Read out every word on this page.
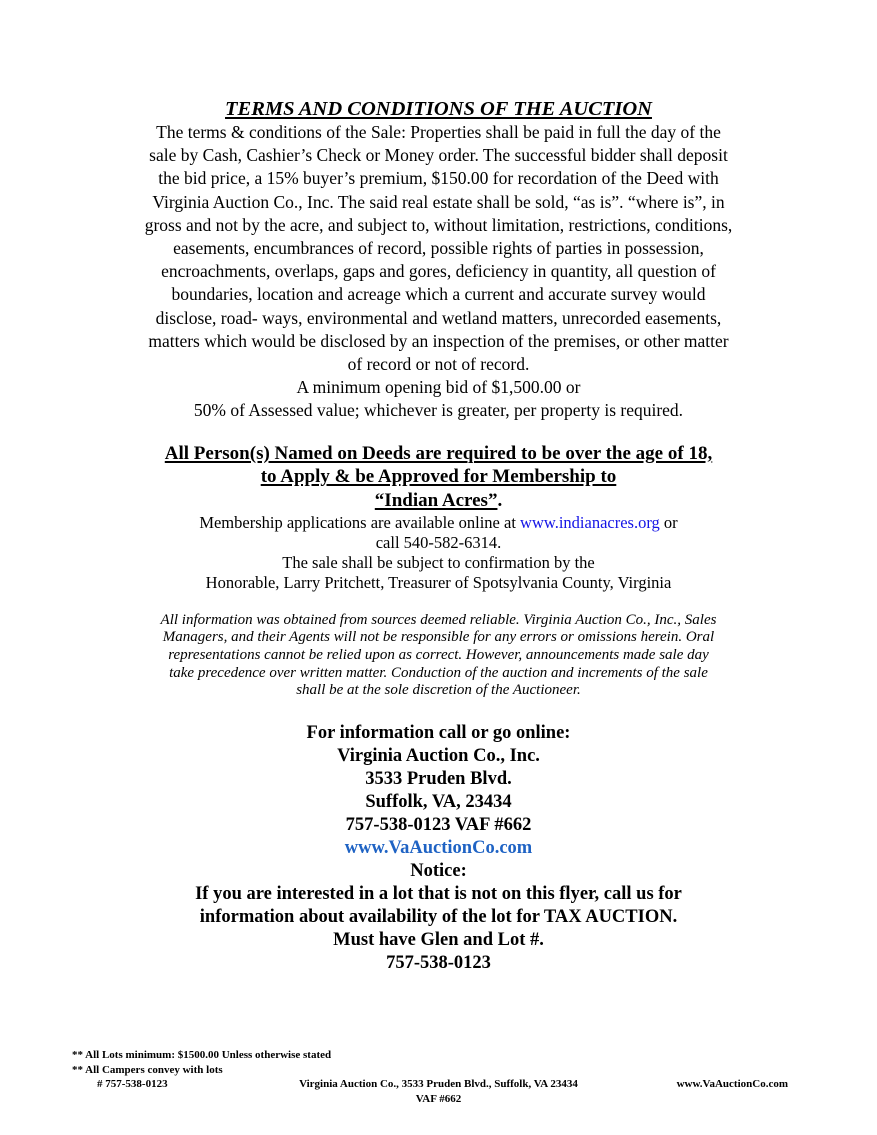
TERMS AND CONDITIONS OF THE AUCTION
The terms & conditions of the Sale: Properties shall be paid in full the day of the
sale by Cash, Cashier’s Check or Money order. The successful bidder shall deposit
the bid price, a 15% buyer’s premium, $150.00 for recordation of the Deed with
Virginia Auction Co., Inc. The said real estate shall be sold, “as is”. “where is”, in
gross and not by the acre, and subject to, without limitation, restrictions, conditions,
easements, encumbrances of record, possible rights of parties in possession,
encroachments, overlaps, gaps and gores, deficiency in quantity, all question of
boundaries, location and acreage which a current and accurate survey would
disclose, road- ways, environmental and wetland matters, unrecorded easements,
matters which would be disclosed by an inspection of the premises, or other matter
of record or not of record.
A minimum opening bid of $1,500.00 or
50% of Assessed value; whichever is greater, per property is required.
All Person(s) Named on Deeds are required to be over the age of 18,
to Apply & be Approved for Membership to
“Indian Acres”.
Membership applications are available online at www.indianacres.org or
call 540-582-6314.
The sale shall be subject to confirmation by the
Honorable, Larry Pritchett, Treasurer of Spotsylvania County, Virginia
All information was obtained from sources deemed reliable. Virginia Auction Co., Inc., Sales
Managers, and their Agents will not be responsible for any errors or omissions herein. Oral
representations cannot be relied upon as correct. However, announcements made sale day
take precedence over written matter. Conduction of the auction and increments of the sale
shall be at the sole discretion of the Auctioneer.
For information call or go online:
Virginia Auction Co., Inc.
3533 Pruden Blvd.
Suffolk, VA, 23434
757-538-0123 VAF #662
www.VaAuctionCo.com
Notice:
If you are interested in a lot that is not on this flyer, call us for
information about availability of the lot for TAX AUCTION.
Must have Glen and Lot #.
757-538-0123
** All Lots minimum: $1500.00 Unless otherwise stated
** All Campers convey with lots
# 757-538-0123	Virginia Auction Co., 3533 Pruden Blvd., Suffolk, VA 23434	www.VaAuctionCo.com
VAF #662
